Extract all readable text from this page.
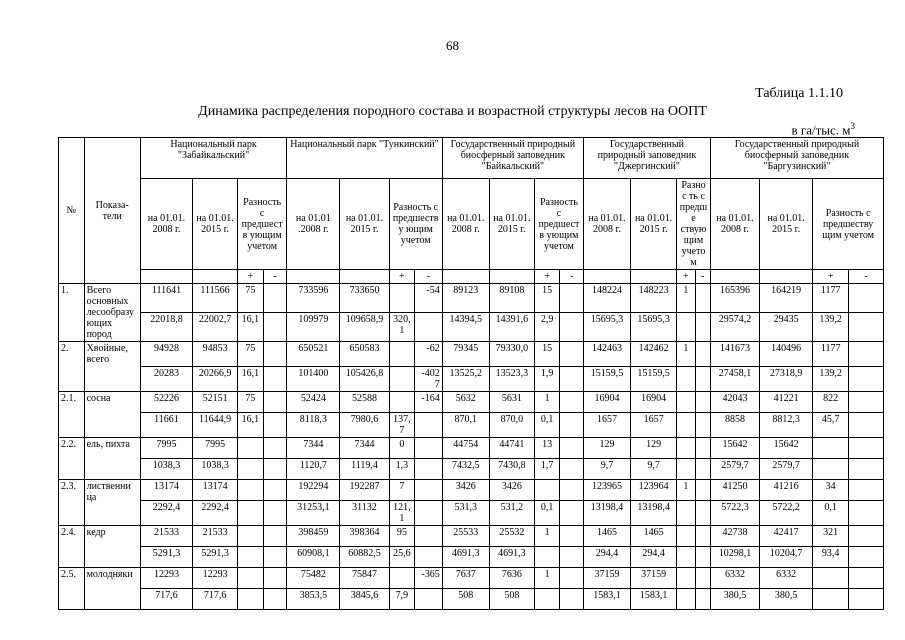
68
Таблица 1.1.10
Динамика распределения породного состава и возрастной структуры лесов на ООПТ
в га/тыс. $м^3$
№	Показа-тели	Национальный парк "Забайкальский"				Национальный парк "Тункинский"				Государственный природный биосферный заповедник "Байкальский"				Государственный природный заповедник "Джергинский"				Государственный природный биосферный заповедник "Баргузинский"			
		на 01.01. 2008 г.	на 01.01. 2015 г.	Разность с предшеств ующим учетом		на 01.01 .2008 г.	на 01.01. 2015 г.	Разность с предшеству ющим учетом		на 01.01. 2008 г.	на 01.01. 2015 г.	Разность с предшеств ующим учетом		на 01.01. 2008 г.	на 01.01. 2015 г.	Разнос ть с предше ствую щим учетом		на 01.01. 2008 г.	на 01.01. 2015 г.	Разность с предшеству щим учетом	
				+	-			+	-			+	-			+	-			+	-
1.	Всего основных лесообразу ющих пород	111641	111566	75		733596	733650		-54	89123	89108	15		148224	148223	1		165396	164219	1177	
		22018,8	22002,7	16,1		109979	109658,9	320,1		14394,5	14391,6	2,9		15695,3	15695,3			29574,2	29435	139,2	
2.	Хвойные, всего	94928	94853	75		650521	650583		-62	79345	79330,0	15		142463	142462	1		141673	140496	1177	
		20283	20266,9	16,1		101400	105426,8		-4027	13525,2	13523,3	1,9		15159,5	15159,5			27458,1	27318,9	139,2	
2.1.	сосна	52226	52151	75		52424	52588		-164	5632	5631	1		16904	16904			42043	41221	822	
		11661	11644,9	16,1		8118,3	7980,6	137,7		870,1	870,0	0,1		1657	1657			8858	8812,3	45,7	
2.2.	ель, пихта	7995	7995			7344	7344	0		44754	44741	13		129	129			15642	15642		
		1038,3	1038,3			1120,7	1119,4	1,3		7432,5	7430,8	1,7		9,7	9,7			2579,7	2579,7		
2.3.	лиственни ца	13174	13174			192294	192287	7		3426	3426			123965	123964	1		41250	41216	34	
		2292,4	2292,4			31253,1	31132	121,1		531,3	531,2	0,1		13198,4	13198,4			5722,3	5722,2	0,1	
2.4.	кедр	21533	21533			398459	398364	95		25533	25532	1		1465	1465			42738	42417	321	
		5291,3	5291,3			60908,1	60882,5	25,6		4691,3	4691,3			294,4	294,4			10298,1	10204,7	93,4	
2.5.	молодняки	12293	12293			75482	75847		-365	7637	7636	1		37159	37159			6332	6332		
		717,6	717,6			3853,5	3845,6	7,9		508	508			1583,1	1583,1			380,5	380,5		
